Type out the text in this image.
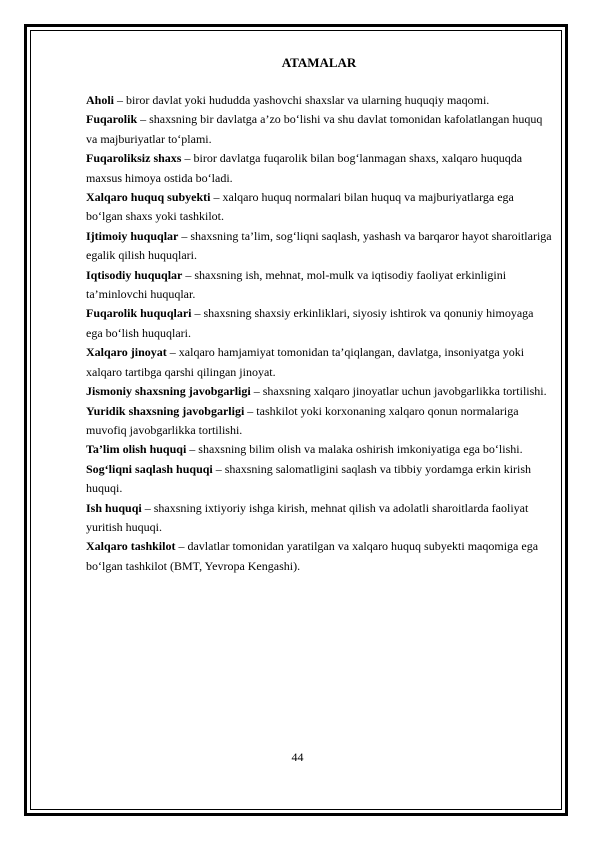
ATAMALAR
Aholi – biror davlat yoki hududda yashovchi shaxslar va ularning huquqiy maqomi.
Fuqarolik – shaxsning bir davlatga a’zo bo‘lishi va shu davlat tomonidan kafolatlangan huquq va majburiyatlar to‘plami.
Fuqaroliksiz shaxs – biror davlatga fuqarolik bilan bog‘lanmagan shaxs, xalqaro huquqda maxsus himoya ostida bo‘ladi.
Xalqaro huquq subyekti – xalqaro huquq normalari bilan huquq va majburiyatlarga ega bo‘lgan shaxs yoki tashkilot.
Ijtimoiy huquqlar – shaxsning ta’lim, sog‘liqni saqlash, yashash va barqaror hayot sharoitlariga egalik qilish huquqlari.
Iqtisodiy huquqlar – shaxsning ish, mehnat, mol-mulk va iqtisodiy faoliyat erkinligini ta’minlovchi huquqlar.
Fuqarolik huquqlari – shaxsning shaxsiy erkinliklari, siyosiy ishtirok va qonuniy himoyaga ega bo‘lish huquqlari.
Xalqaro jinoyat – xalqaro hamjamiyat tomonidan ta’qiqlangan, davlatga, insoniyatga yoki xalqaro tartibga qarshi qilingan jinoyat.
Jismoniy shaxsning javobgarligi – shaxsning xalqaro jinoyatlar uchun javobgarlikka tortilishi.
Yuridik shaxsning javobgarligi – tashkilot yoki korxonaning xalqaro qonun normalariga muvofiq javobgarlikka tortilishi.
Ta’lim olish huquqi – shaxsning bilim olish va malaka oshirish imkoniyatiga ega bo‘lishi.
Sog‘liqni saqlash huquqi – shaxsning salomatligini saqlash va tibbiy yordamga erkin kirish huquqi.
Ish huquqi – shaxsning ixtiyoriy ishga kirish, mehnat qilish va adolatli sharoitlarda faoliyat yuritish huquqi.
Xalqaro tashkilot – davlatlar tomonidan yaratilgan va xalqaro huquq subyekti maqomiga ega bo‘lgan tashkilot (BMT, Yevropa Kengashi).
44
